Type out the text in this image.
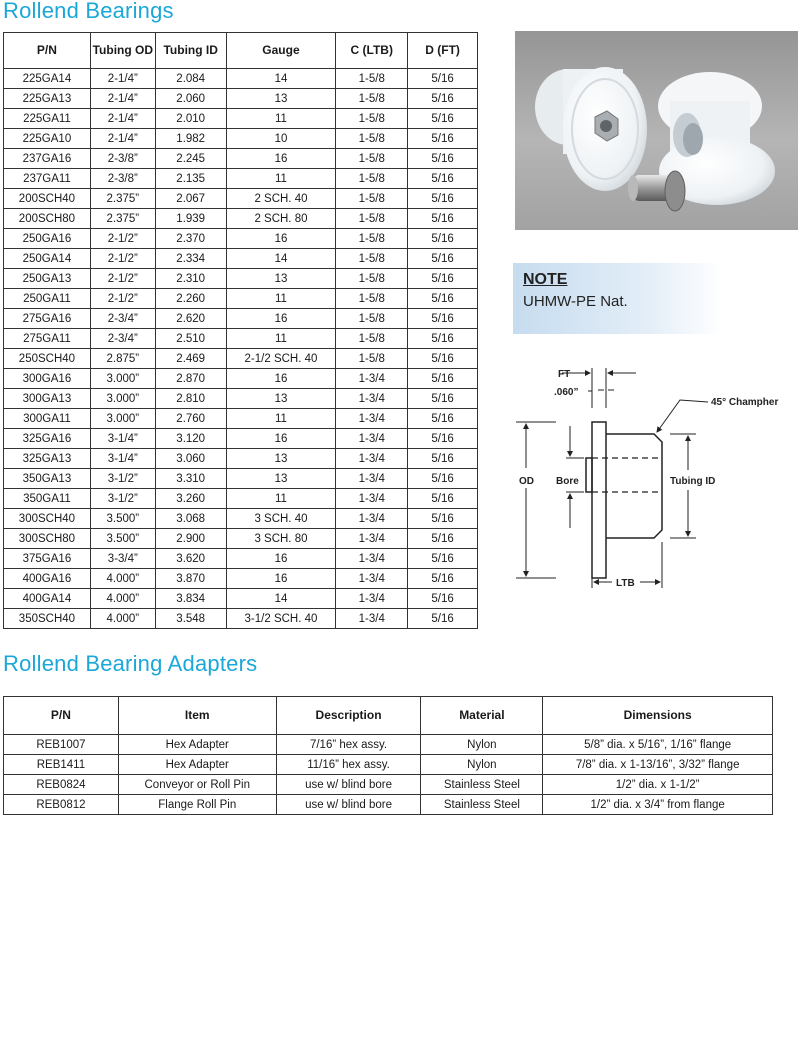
Rollend Bearings
P/N	Tubing OD	Tubing ID	Gauge	C (LTB)	D (FT)
225GA14	2-1/4”	2.084	14	1-5/8	5/16
225GA13	2-1/4”	2.060	13	1-5/8	5/16
225GA11	2-1/4”	2.010	11	1-5/8	5/16
225GA10	2-1/4”	1.982	10	1-5/8	5/16
237GA16	2-3/8”	2.245	16	1-5/8	5/16
237GA11	2-3/8”	2.135	11	1-5/8	5/16
200SCH40	2.375”	2.067	2 SCH. 40	1-5/8	5/16
200SCH80	2.375”	1.939	2 SCH. 80	1-5/8	5/16
250GA16	2-1/2”	2.370	16	1-5/8	5/16
250GA14	2-1/2”	2.334	14	1-5/8	5/16
250GA13	2-1/2”	2.310	13	1-5/8	5/16
250GA11	2-1/2”	2.260	11	1-5/8	5/16
275GA16	2-3/4”	2.620	16	1-5/8	5/16
275GA11	2-3/4”	2.510	11	1-5/8	5/16
250SCH40	2.875”	2.469	2-1/2 SCH. 40	1-5/8	5/16
300GA16	3.000”	2.870	16	1-3/4	5/16
300GA13	3.000”	2.810	13	1-3/4	5/16
300GA11	3.000”	2.760	11	1-3/4	5/16
325GA16	3-1/4”	3.120	16	1-3/4	5/16
325GA13	3-1/4”	3.060	13	1-3/4	5/16
350GA13	3-1/2”	3.310	13	1-3/4	5/16
350GA11	3-1/2”	3.260	11	1-3/4	5/16
300SCH40	3.500”	3.068	3 SCH. 40	1-3/4	5/16
300SCH80	3.500”	2.900	3 SCH. 80	1-3/4	5/16
375GA16	3-3/4”	3.620	16	1-3/4	5/16
400GA16	4.000”	3.870	16	1-3/4	5/16
400GA14	4.000”	3.834	14	1-3/4	5/16
350SCH40	4.000”	3.548	3-1/2 SCH. 40	1-3/4	5/16
NOTE
UHMW-PE Nat.
FT
.060”
45° Champher
OD Bore	Tubing ID
LTB
Rollend Bearing Adapters
P/N	Item	Description	Material	Dimensions
REB1007	Hex Adapter	7/16” hex assy.	Nylon	5/8” dia. x 5/16”, 1/16” flange
REB1411	Hex Adapter	11/16” hex assy.	Nylon	7/8” dia. x 1-13/16”, 3/32” flange
REB0824	Conveyor or Roll Pin	use w/ blind bore	Stainless Steel	1/2” dia. x 1-1/2”
REB0812	Flange Roll Pin	use w/ blind bore	Stainless Steel	1/2” dia. x 3/4” from flange
